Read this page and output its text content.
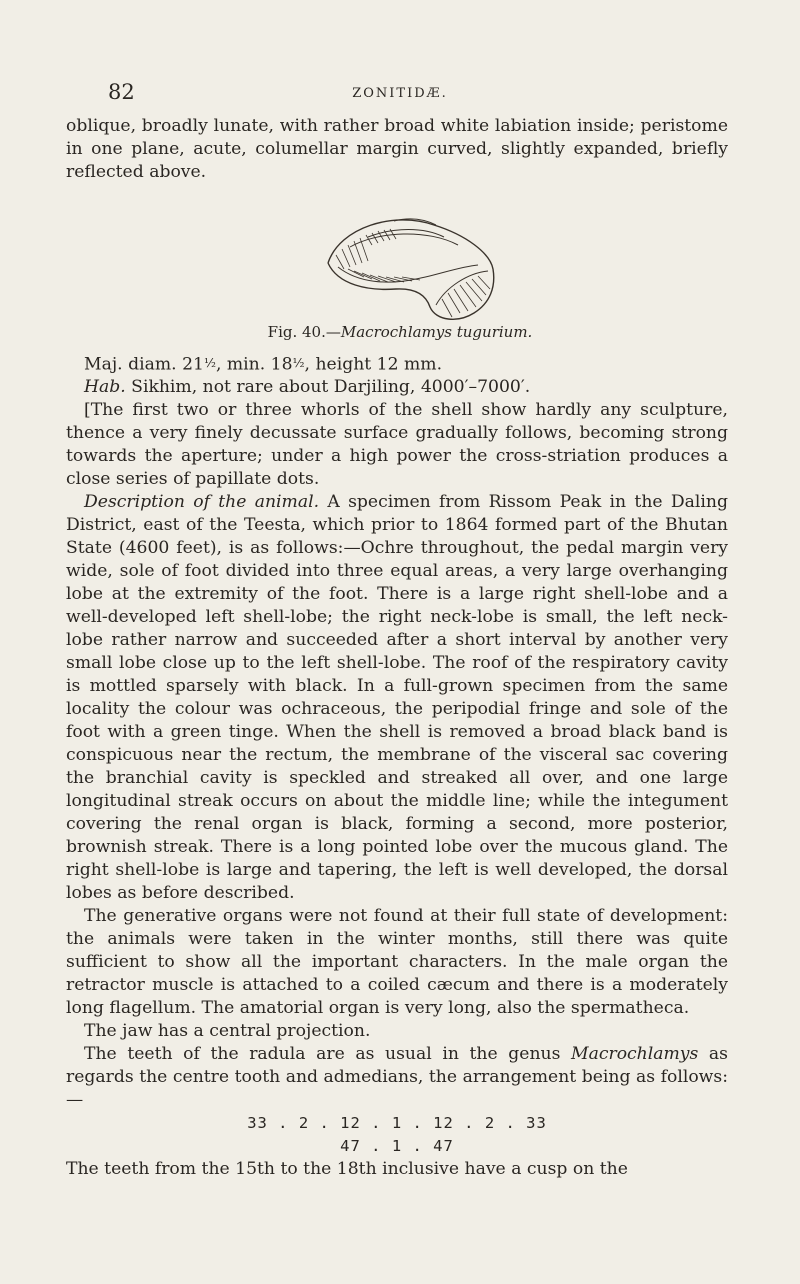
82	ZONITIDÆ.

oblique, broadly lunate, with rather broad white labiation inside; peristome in one plane, acute, columellar margin curved, slightly expanded, briefly reflected above.

Fig. 40.—Macrochlamys tugurium.

Maj. diam. 21½, min. 18½, height 12 mm.

Hab. Sikhim, not rare about Darjiling, 4000′–7000′.

[The first two or three whorls of the shell show hardly any sculpture, thence a very finely decussate surface gradually follows, becoming strong towards the aperture; under a high power the cross-striation produces a close series of papillate dots.

Description of the animal. A specimen from Rissom Peak in the Daling District, east of the Teesta, which prior to 1864 formed part of the Bhutan State (4600 feet), is as follows:—Ochre throughout, the pedal margin very wide, sole of foot divided into three equal areas, a very large overhanging lobe at the extremity of the foot. There is a large right shell-lobe and a well-developed left shell-lobe; the right neck-lobe is small, the left neck-lobe rather narrow and succeeded after a short interval by another very small lobe close up to the left shell-lobe. The roof of the respiratory cavity is mottled sparsely with black. In a full-grown specimen from the same locality the colour was ochraceous, the peripodial fringe and sole of the foot with a green tinge. When the shell is removed a broad black band is conspicuous near the rectum, the membrane of the visceral sac covering the branchial cavity is speckled and streaked all over, and one large longitudinal streak occurs on about the middle line; while the integument covering the renal organ is black, forming a second, more posterior, brownish streak. There is a long pointed lobe over the mucous gland. The right shell-lobe is large and tapering, the left is well developed, the dorsal lobes as before described.

The generative organs were not found at their full state of development: the animals were taken in the winter months, still there was quite sufficient to show all the important characters. In the male organ the retractor muscle is attached to a coiled cæcum and there is a moderately long flagellum. The amatorial organ is very long, also the spermatheca.

The jaw has a central projection.

The teeth of the radula are as usual in the genus Macrochlamys as regards the centre tooth and admedians, the arrangement being as follows:—

33 . 2 . 12 . 1 . 12 . 2 . 33

47 . 1 . 47

The teeth from the 15th to the 18th inclusive have a cusp on the
